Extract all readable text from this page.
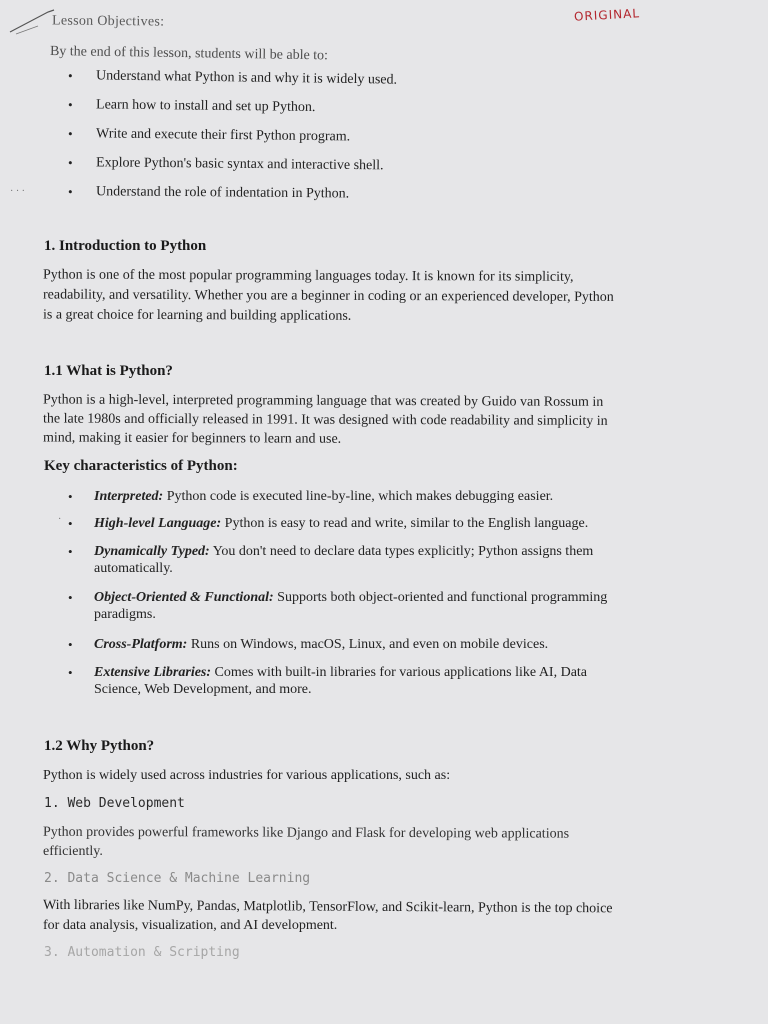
ORIGINAL
Lesson Objectives:
By the end of this lesson, students will be able to:
• Understand what Python is and why it is widely used.
• Learn how to install and set up Python.
• Write and execute their first Python program.
• Explore Python's basic syntax and interactive shell.
• Understand the role of indentation in Python.
1. Introduction to Python

Python is one of the most popular programming languages today. It is known for its simplicity,

readability, and versatility. Whether you are a beginner in coding or an experienced developer, Python

is a great choice for learning and building applications.

1.1 What is Python?

Python is a high-level, interpreted programming language that was created by Guido van Rossum in

the late 1980s and officially released in 1991. It was designed with code readability and simplicity in

mind, making it easier for beginners to learn and use.

Key characteristics of Python:
• Interpreted: Python code is executed line-by-line, which makes debugging easier.
• High-level Language: Python is easy to read and write, similar to the English language.
• Dynamically Typed: You don't need to declare data types explicitly; Python assigns them
automatically.
• Object-Oriented & Functional: Supports both object-oriented and functional programming
paradigms.
• Cross-Platform: Runs on Windows, macOS, Linux, and even on mobile devices.
• Extensive Libraries: Comes with built-in libraries for various applications like AI, Data
Science, Web Development, and more.
1.2 Why Python?

Python is widely used across industries for various applications, such as:

1. Web Development

Python provides powerful frameworks like Django and Flask for developing web applications

efficiently.

2. Data Science & Machine Learning

With libraries like NumPy, Pandas, Matplotlib, TensorFlow, and Scikit-learn, Python is the top choice

for data analysis, visualization, and AI development.

3. Automation & Scripting
· · ·
·
